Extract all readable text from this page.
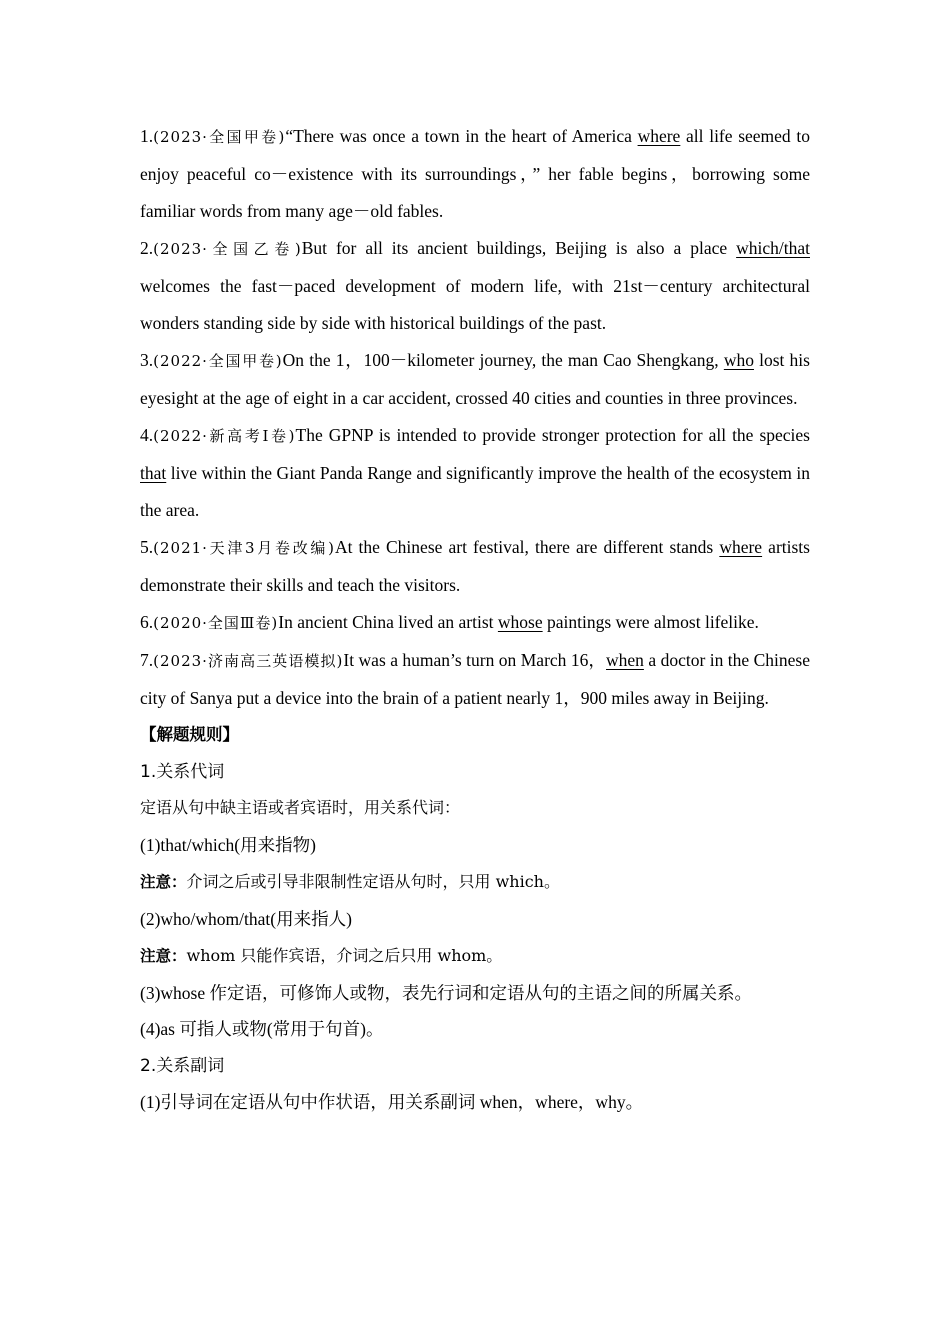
1.(2023·全国甲卷)“There was once a town in the heart of America where all life seemed to enjoy peaceful co－existence with its surroundings，” her fable begins，borrowing some familiar words from many age－old fables.

2.(2023·全国乙卷)But for all its ancient buildings, Beijing is also a place which/that welcomes the fast－paced development of modern life, with 21st－century architectural wonders standing side by side with historical buildings of the past.

3.(2022·全国甲卷)On the 1，100－kilometer journey, the man Cao Shengkang, who lost his eyesight at the age of eight in a car accident, crossed 40 cities and counties in three provinces.

4.(2022·新高考Ⅰ卷)The GPNP is intended to provide stronger protection for all the species that live within the Giant Panda Range and significantly improve the health of the ecosystem in the area.

5.(2021·天津3月卷改编)At the Chinese art festival, there are different stands where artists demonstrate their skills and teach the visitors.

6.(2020·全国Ⅲ卷)In ancient China lived an artist whose paintings were almost lifelike.

7.(2023·济南高三英语模拟)It was a human’s turn on March 16，when a doctor in the Chinese city of Sanya put a device into the brain of a patient nearly 1，900 miles away in Beijing.

【解题规则】

1.关系代词

定语从句中缺主语或者宾语时，用关系代词：

(1)that/which(用来指物)

注意：介词之后或引导非限制性定语从句时，只用 which。

(2)who/whom/that(用来指人)

注意：whom 只能作宾语，介词之后只用 whom。

(3)whose 作定语，可修饰人或物，表先行词和定语从句的主语之间的所属关系。

(4)as 可指人或物(常用于句首)。

2.关系副词

(1)引导词在定语从句中作状语，用关系副词 when，where，why。
